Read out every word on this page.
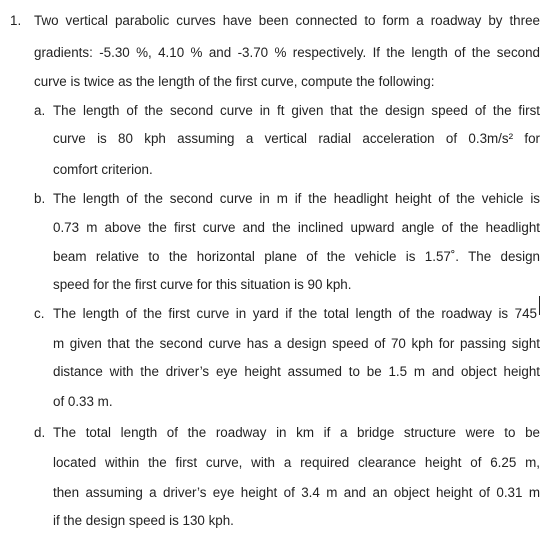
1. Two vertical parabolic curves have been connected to form a roadway by three
gradients: -5.30 %, 4.10 % and -3.70 % respectively. If the length of the second
curve is twice as the length of the first curve, compute the following:
a. The length of the second curve in ft given that the design speed of the first
curve is 80 kph assuming a vertical radial acceleration of 0.3m/s² for
comfort criterion.
b. The length of the second curve in m if the headlight height of the vehicle is
0.73 m above the first curve and the inclined upward angle of the headlight
beam relative to the horizontal plane of the vehicle is 1.57˚. The design
speed for the first curve for this situation is 90 kph.
c. The length of the first curve in yard if the total length of the roadway is 745
m given that the second curve has a design speed of 70 kph for passing sight
distance with the driver’s eye height assumed to be 1.5 m and object height
of 0.33 m.
d. The total length of the roadway in km if a bridge structure were to be
located within the first curve, with a required clearance height of 6.25 m,
then assuming a driver’s eye height of 3.4 m and an object height of 0.31 m
if the design speed is 130 kph.
